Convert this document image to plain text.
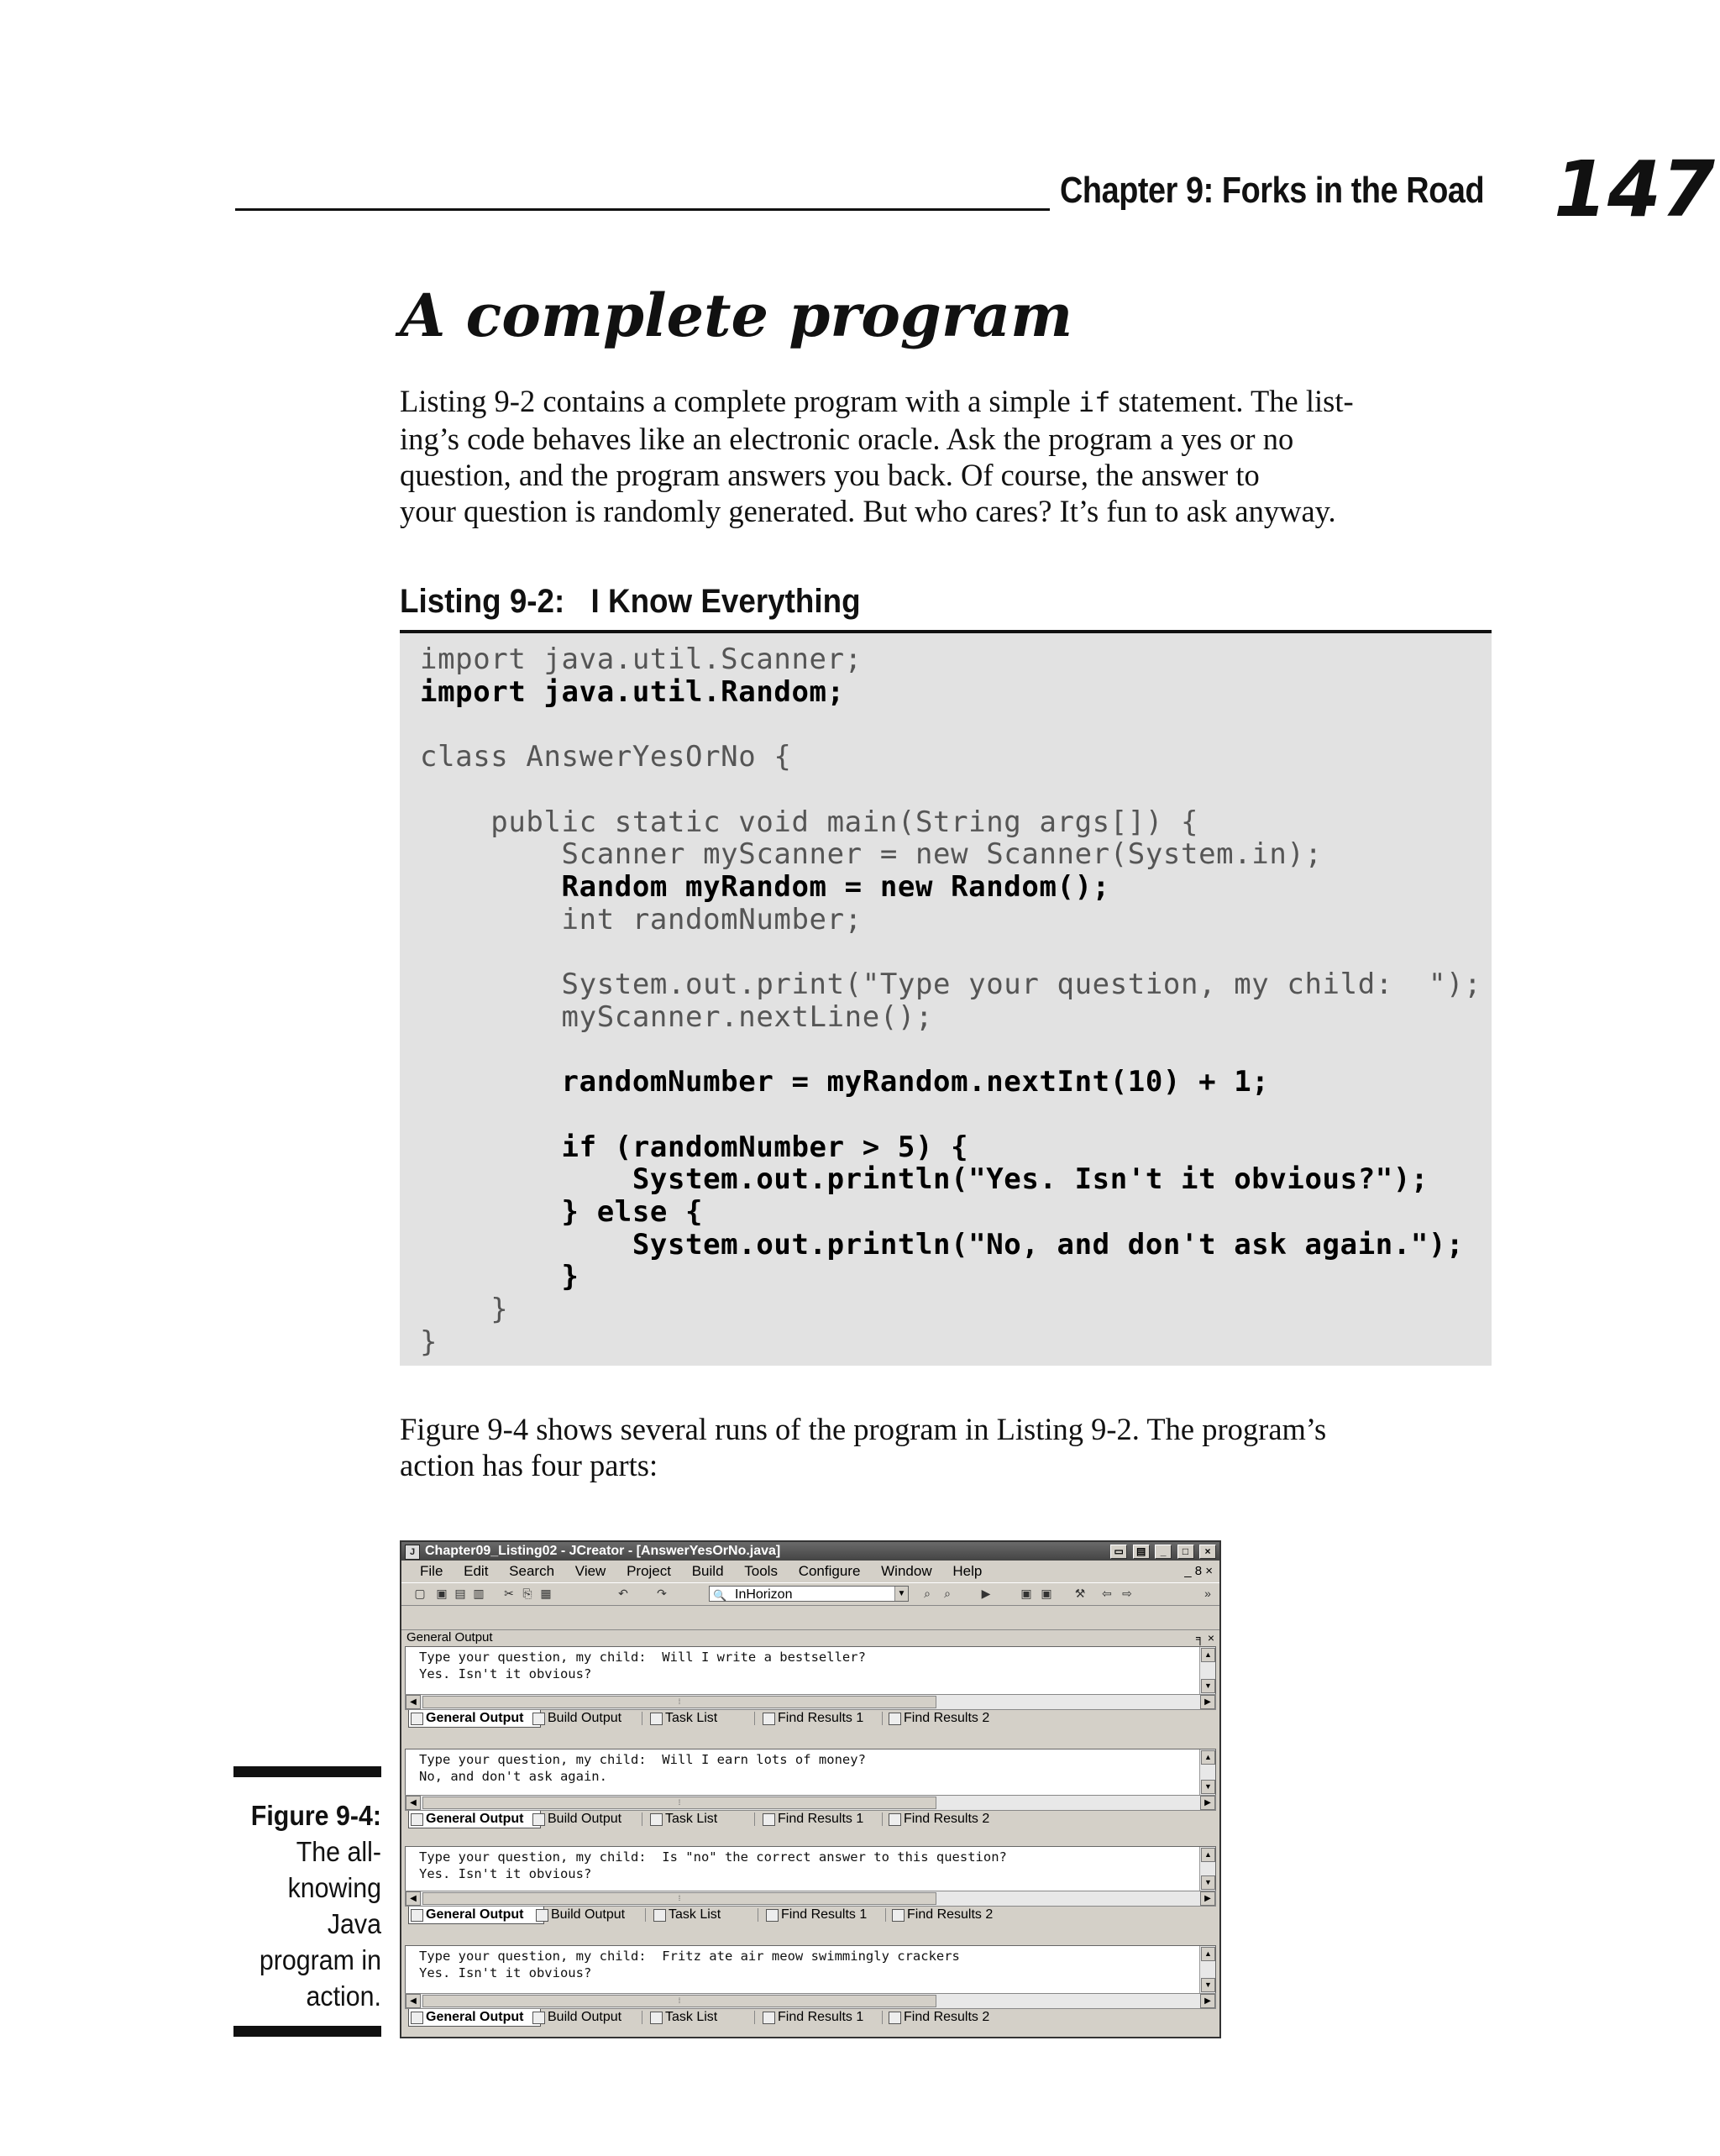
Chapter 9: Forks in the Road 147
A complete program
Listing 9-2 contains a complete program with a simple if statement. The list-
ing’s code behaves like an electronic oracle. Ask the program a yes or no
question, and the program answers you back. Of course, the answer to
your question is randomly generated. But who cares? It’s fun to ask anyway.
Listing 9-2: I Know Everything
import java.util.Scanner;
import java.util.Random;

class AnswerYesOrNo {

public static void main(String args[]) {
Scanner myScanner = new Scanner(System.in);
Random myRandom = new Random();
int randomNumber;

System.out.print("Type your question, my child:  ");
myScanner.nextLine();

randomNumber = myRandom.nextInt(10) + 1;

if (randomNumber > 5) {
System.out.println("Yes. Isn't it obvious?");
} else {
System.out.println("No, and don't ask again.");
}
}
}
Figure 9-4 shows several runs of the program in Listing 9-2. The program’s
action has four parts:
Figure 9-4:
The all-
knowing
Java
program in
action.
J Chapter09_Listing02 - JCreator - [AnswerYesOrNo.java]	▭ ▤ _ □ ×
File Edit Search View Project Build Tools Configure Window Help	_ 8 ×
▢ ▣ ▤ ▥ ✂ ⎘ ▦	↶ ↷	🔍 InHorizon	▼ ⌕ ⌕	▶	▣ ▣ ⚒ ⇦ ⇨	»
General Output	╕ ×
Type your question, my child:  Will I write a bestseller?
Yes. Isn't it obvious?
▲
▼
◀	⁞	▶
General Output	Build Output	Task List	Find Results 1	Find Results 2
Type your question, my child:  Will I earn lots of money?
No, and don't ask again.
▲
▼
◀	⁞	▶
General Output	Build Output	Task List	Find Results 1	Find Results 2
Type your question, my child:  Is "no" the correct answer to this question?
Yes. Isn't it obvious?
▲
▼
◀	⁞	▶
General Output	Build Output	Task List	Find Results 1	Find Results 2
Type your question, my child:  Fritz ate air meow swimmingly crackers
Yes. Isn't it obvious?
▲
▼
◀	⁞	▶
General Output	Build Output	Task List	Find Results 1	Find Results 2
